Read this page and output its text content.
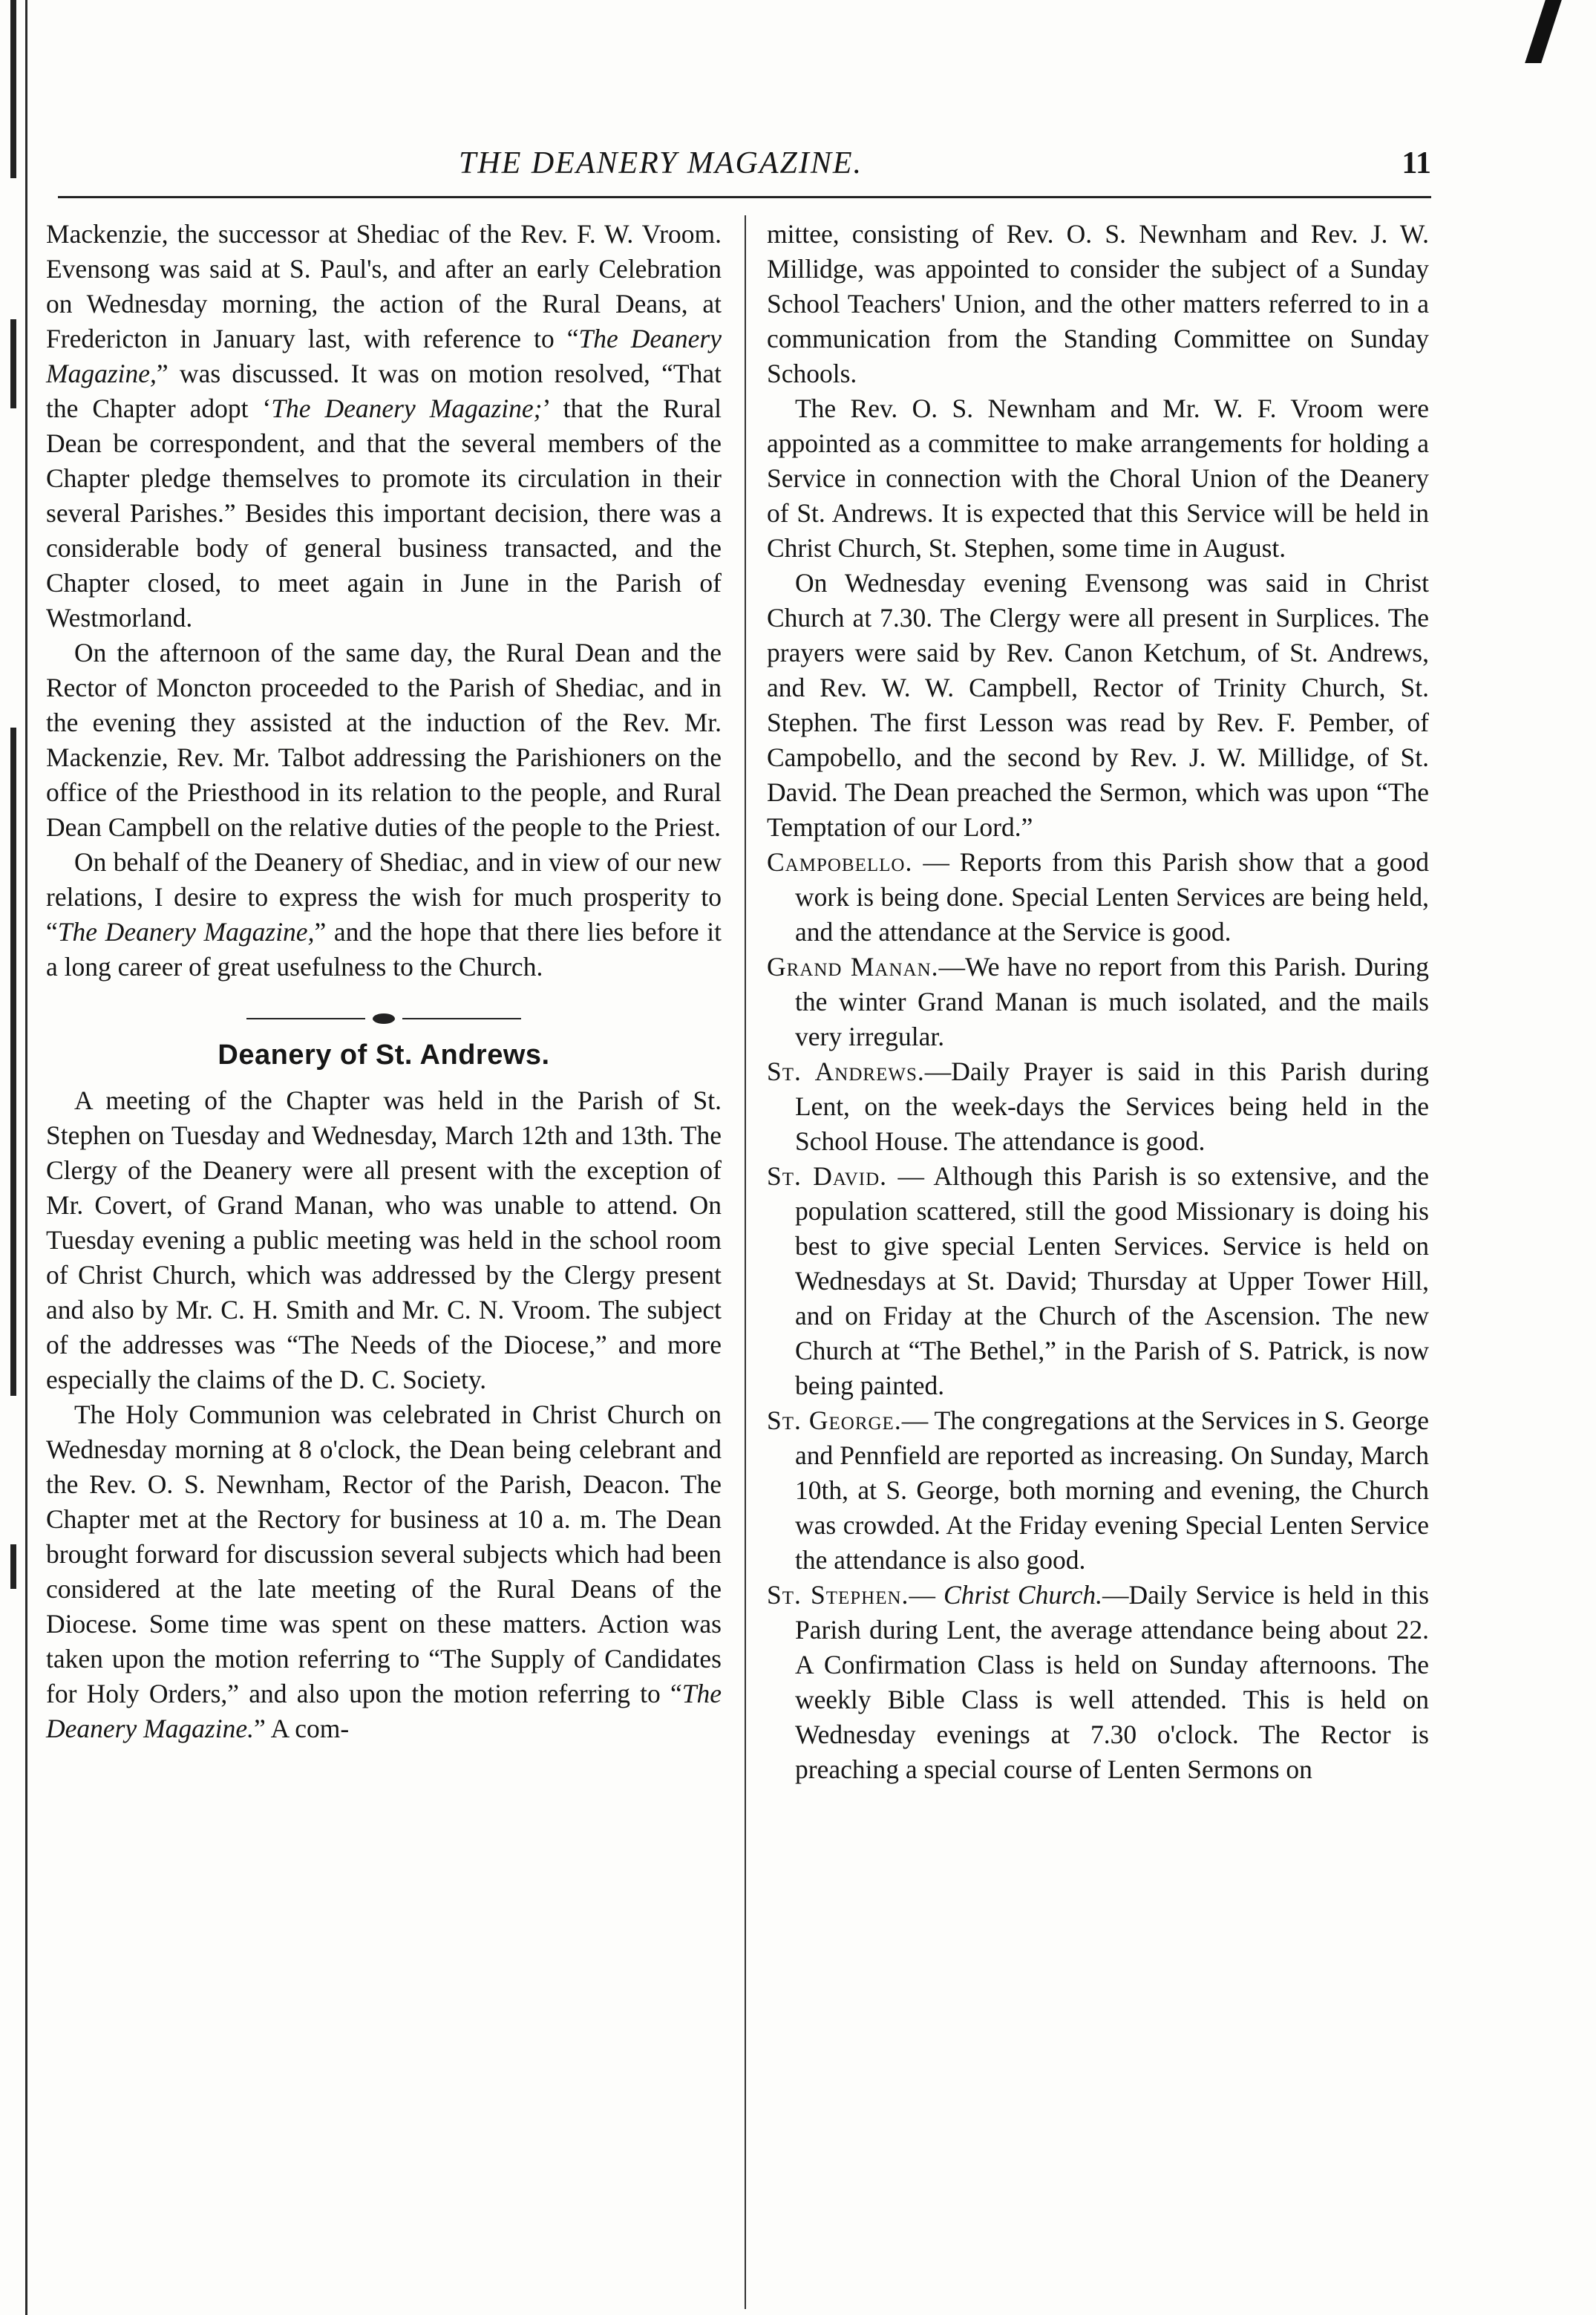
THE DEANERY MAGAZINE.	11

Mackenzie, the successor at Shediac of the Rev. F. W. Vroom. Evensong was said at S. Paul's, and after an early Celebration on Wednesday morning, the action of the Rural Deans, at Fredericton in January last, with reference to “The Deanery Magazine,” was discussed. It was on motion resolved, “That the Chapter adopt ‘The Deanery Magazine;’ that the Rural Dean be correspondent, and that the several members of the Chapter pledge themselves to promote its circulation in their several Parishes.” Besides this important decision, there was a considerable body of general business transacted, and the Chapter closed, to meet again in June in the Parish of Westmorland.

On the afternoon of the same day, the Rural Dean and the Rector of Moncton proceeded to the Parish of Shediac, and in the evening they assisted at the induction of the Rev. Mr. Mackenzie, Rev. Mr. Talbot addressing the Parishioners on the office of the Priesthood in its relation to the people, and Rural Dean Campbell on the relative duties of the people to the Priest.

On behalf of the Deanery of Shediac, and in view of our new relations, I desire to express the wish for much prosperity to “The Deanery Magazine,” and the hope that there lies before it a long career of great usefulness to the Church.

Deanery of St. Andrews.

A meeting of the Chapter was held in the Parish of St. Stephen on Tuesday and Wednesday, March 12th and 13th. The Clergy of the Deanery were all present with the exception of Mr. Covert, of Grand Manan, who was unable to attend. On Tuesday evening a public meeting was held in the school room of Christ Church, which was addressed by the Clergy present and also by Mr. C. H. Smith and Mr. C. N. Vroom. The subject of the addresses was “The Needs of the Diocese,” and more especially the claims of the D. C. Society.

The Holy Communion was celebrated in Christ Church on Wednesday morning at 8 o'clock, the Dean being celebrant and the Rev. O. S. Newnham, Rector of the Parish, Deacon. The Chapter met at the Rectory for business at 10 a. m. The Dean brought forward for discussion several subjects which had been considered at the late meeting of the Rural Deans of the Diocese. Some time was spent on these matters. Action was taken upon the motion referring to “The Supply of Candidates for Holy Orders,” and also upon the motion referring to “The Deanery Magazine.” A com-

mittee, consisting of Rev. O. S. Newnham and Rev. J. W. Millidge, was appointed to consider the subject of a Sunday School Teachers' Union, and the other matters referred to in a communication from the Standing Committee on Sunday Schools.

The Rev. O. S. Newnham and Mr. W. F. Vroom were appointed as a committee to make arrangements for holding a Service in connection with the Choral Union of the Deanery of St. Andrews. It is expected that this Service will be held in Christ Church, St. Stephen, some time in August.

On Wednesday evening Evensong was said in Christ Church at 7.30. The Clergy were all present in Surplices. The prayers were said by Rev. Canon Ketchum, of St. Andrews, and Rev. W. W. Campbell, Rector of Trinity Church, St. Stephen. The first Lesson was read by Rev. F. Pember, of Campobello, and the second by Rev. J. W. Millidge, of St. David. The Dean preached the Sermon, which was upon “The Temptation of our Lord.”

Campobello. — Reports from this Parish show that a good work is being done. Special Lenten Services are being held, and the attendance at the Service is good.

Grand Manan.—We have no report from this Parish. During the winter Grand Manan is much isolated, and the mails very irregular.

St. Andrews.—Daily Prayer is said in this Parish during Lent, on the week-days the Services being held in the School House. The attendance is good.

St. David. — Although this Parish is so extensive, and the population scattered, still the good Missionary is doing his best to give special Lenten Services. Service is held on Wednesdays at St. David; Thursday at Upper Tower Hill, and on Friday at the Church of the Ascension. The new Church at “The Bethel,” in the Parish of S. Patrick, is now being painted.

St. George.— The congregations at the Services in S. George and Pennfield are reported as increasing. On Sunday, March 10th, at S. George, both morning and evening, the Church was crowded. At the Friday evening Special Lenten Service the attendance is also good.

St. Stephen.— Christ Church.—Daily Service is held in this Parish during Lent, the average attendance being about 22. A Confirmation Class is held on Sunday afternoons. The weekly Bible Class is well attended. This is held on Wednesday evenings at 7.30 o'clock. The Rector is preaching a special course of Lenten Sermons on
